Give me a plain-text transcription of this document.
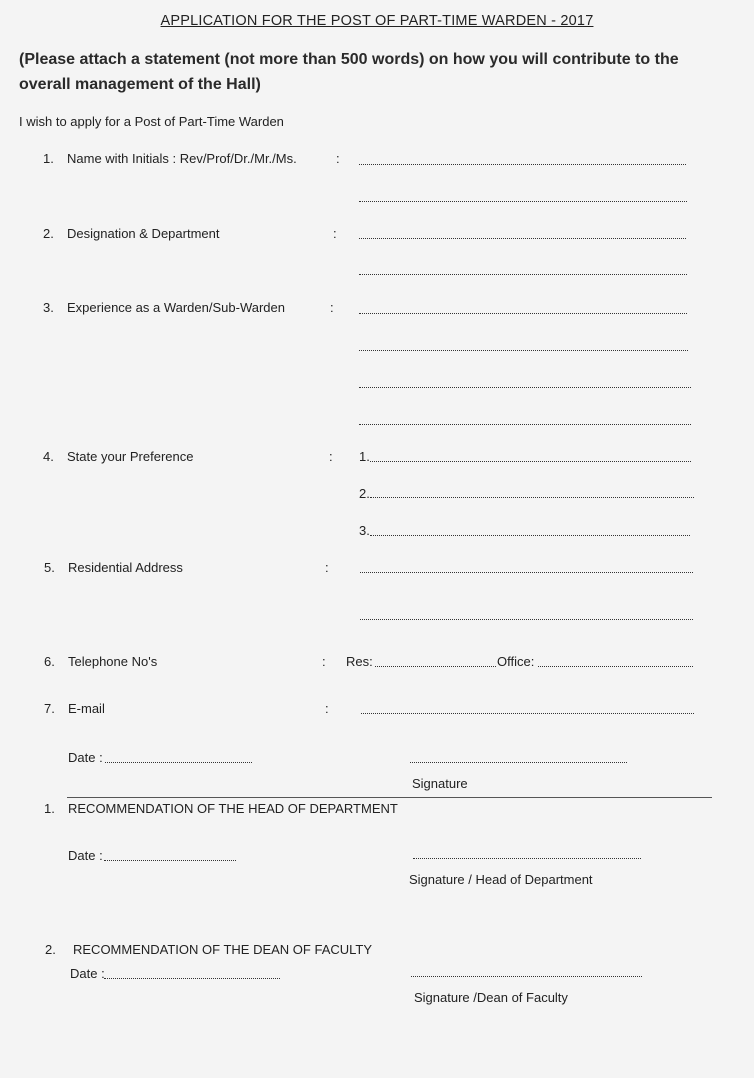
APPLICATION FOR THE POST OF PART-TIME WARDEN - 2017
(Please attach a statement (not more than 500 words) on how you will contribute to the
overall management of the Hall)
I wish to apply for a Post of Part-Time Warden
1. Name with Initials : Rev/Prof/Dr./Mr./Ms.	:
2. Designation & Department	:
3. Experience as a Warden/Sub-Warden	:
4. State your Preference	: 1.
2.
3.
5. Residential Address	:
6. Telephone No's	: Res:	Office:
7. E-mail	:
Date :
Signature
1. RECOMMENDATION OF THE HEAD OF DEPARTMENT
Date :
Signature / Head of Department
2. RECOMMENDATION OF THE DEAN OF FACULTY
Date :
Signature /Dean of Faculty
